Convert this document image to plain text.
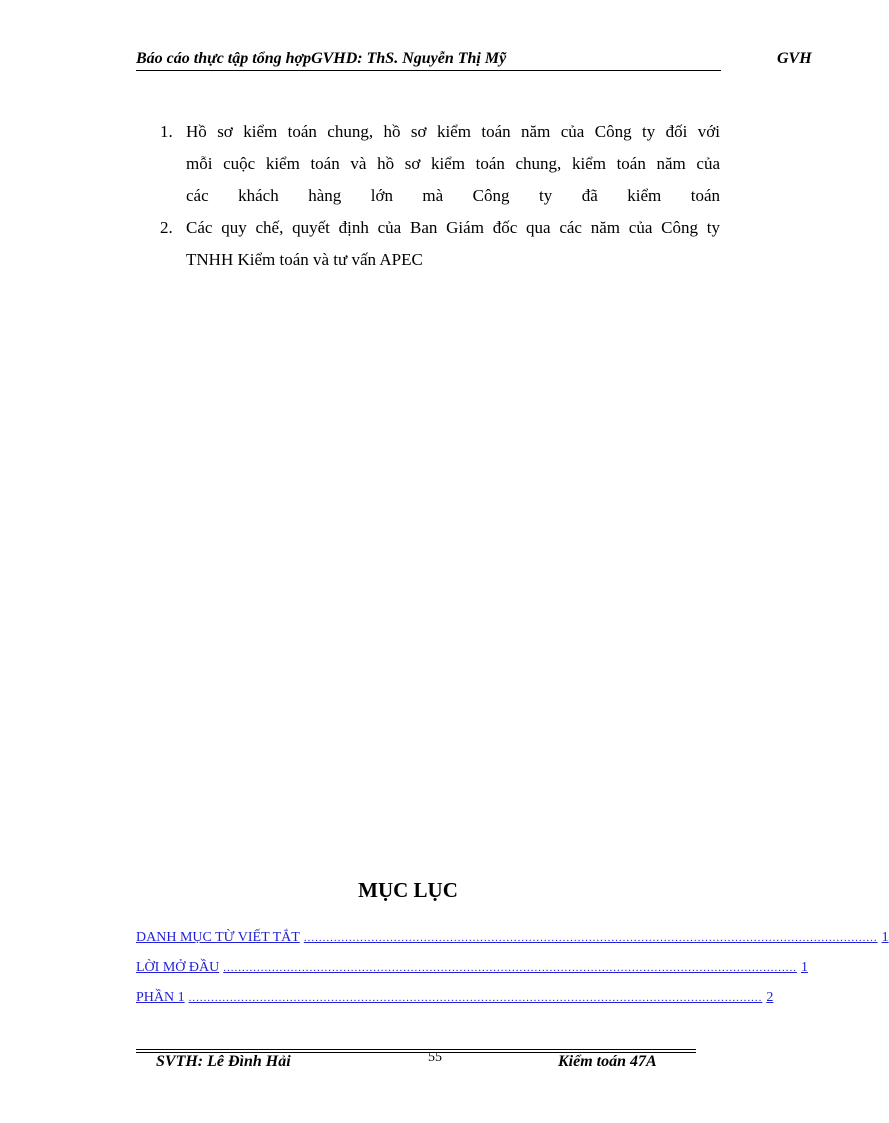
Báo cáo thực tập tổng hợpGVHD: ThS. Nguyễn Thị Mỹ	GVH
1. Hồ sơ kiểm toán chung, hồ sơ kiểm toán năm của Công ty đối với
mỗi cuộc kiểm toán và hồ sơ kiểm toán chung, kiểm toán năm của
các khách hàng lớn mà Công ty đã kiểm toán
2. Các quy chế, quyết định của Ban Giám đốc qua các năm của Công ty
TNHH Kiểm toán và tư vấn APEC
MỤC LỤC
DANH MỤC TỪ VIẾT TẮT ......................................................................................................................................................... 1
LỜI MỞ ĐẦU ......................................................................................................................................................... 1
PHẦN 1 ......................................................................................................................................................... 2
SVTH: Lê Đình Hải	55	Kiểm toán 47A
